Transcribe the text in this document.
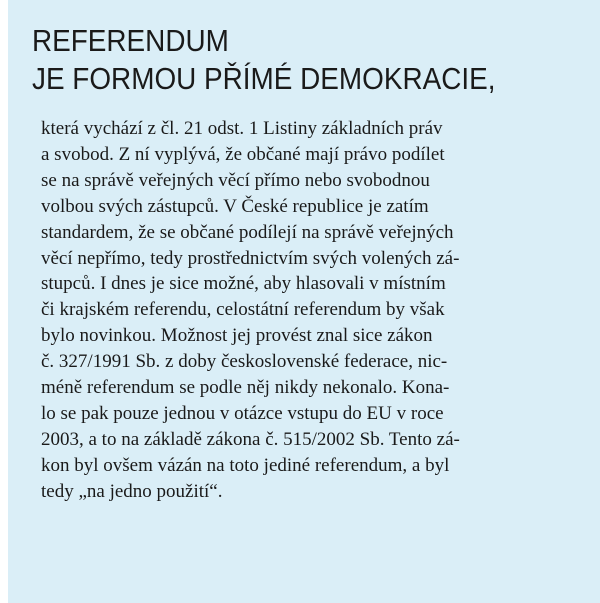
REFERENDUM
JE FORMOU PŘÍMÉ DEMOKRACIE,
která vychází z čl. 21 odst. 1 Listiny základních práv
a svobod. Z ní vyplývá, že občané mají právo podílet
se na správě veřejných věcí přímo nebo svobodnou
volbou svých zástupců. V České republice je zatím
standardem, že se občané podílejí na správě veřejných
věcí nepřímo, tedy prostřednictvím svých volených zá-
stupců. I dnes je sice možné, aby hlasovali v místním
či krajském referendu, celostátní referendum by však
bylo novinkou. Možnost jej provést znal sice zákon
č. 327/1991 Sb. z doby československé federace, nic-
méně referendum se podle něj nikdy nekonalo. Kona-
lo se pak pouze jednou v otázce vstupu do EU v roce
2003, a to na základě zákona č. 515/2002 Sb. Tento zá-
kon byl ovšem vázán na toto jediné referendum, a byl
tedy „na jedno použití“.
